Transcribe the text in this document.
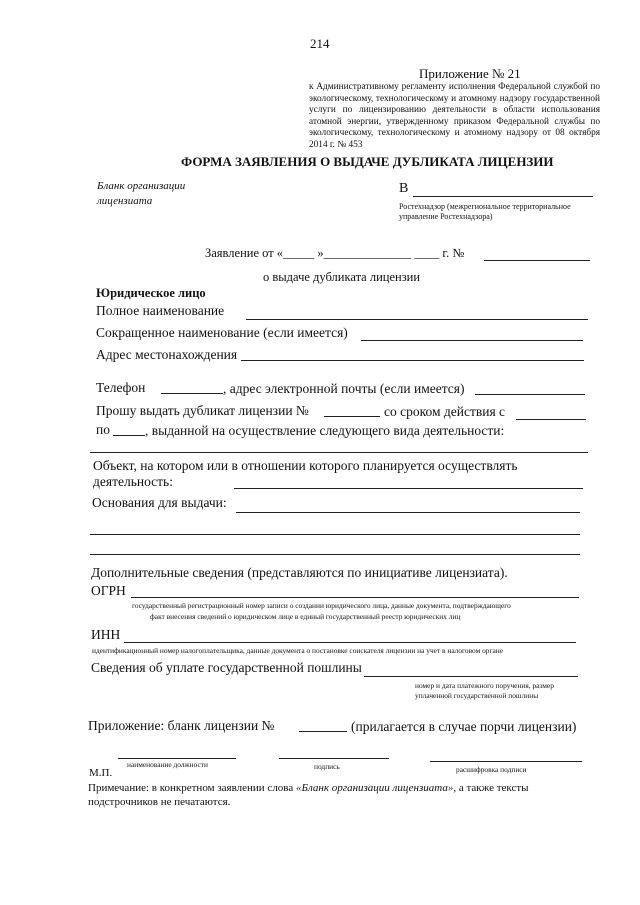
214
Приложение № 21
к Административному регламенту исполнения Федеральной службой по экологическому, технологическому и атомному надзору государственной услуги по лицензированию деятельности в области использования атомной энергии, утвержденному приказом Федеральной службы по экологическому, технологическому и атомному надзору от 08 октября 2014 г. № 453
ФОРМА ЗАЯВЛЕНИЯ О ВЫДАЧЕ ДУБЛИКАТА ЛИЦЕНЗИИ
Бланк организации
лицензиата
В
Ростехнадзор (межрегиональное территориальное
управление Ростехнадзора)
Заявление от «_____ »______________ ____ г. №
о выдаче дубликата лицензии
Юридическое лицо
Полное наименование
Сокращенное наименование (если имеется)
Адрес местонахождения
Телефон	, адрес электронной почты (если имеется)
Прошу выдать дубликат лицензии №	со сроком действия с
по	, выданной на осуществление следующего вида деятельности:
Объект, на котором или в отношении которого планируется осуществлять
деятельность:
Основания для выдачи:
Дополнительные сведения (представляются по инициативе лицензиата).
ОГРН
государственный регистрационный номер записи о создании юридического лица, данные документа, подтверждающего
факт внесения сведений о юридическом лице в единый государственный реестр юридических лиц
ИНН
идентификационный номер налогоплательщика, данные документа о постановке соискателя лицензии на учет в налоговом органе
Сведения об уплате государственной пошлины
номер и дата платежного поручения, размер
уплаченной государственной пошлины
Приложение: бланк лицензии №	(прилагается в случае порчи лицензии)
наименование должности	подпись	расшифровка подписи
М.П.
Примечание: в конкретном заявлении слова «Бланк организации лицензиата», а также тексты
подстрочников не печатаются.
